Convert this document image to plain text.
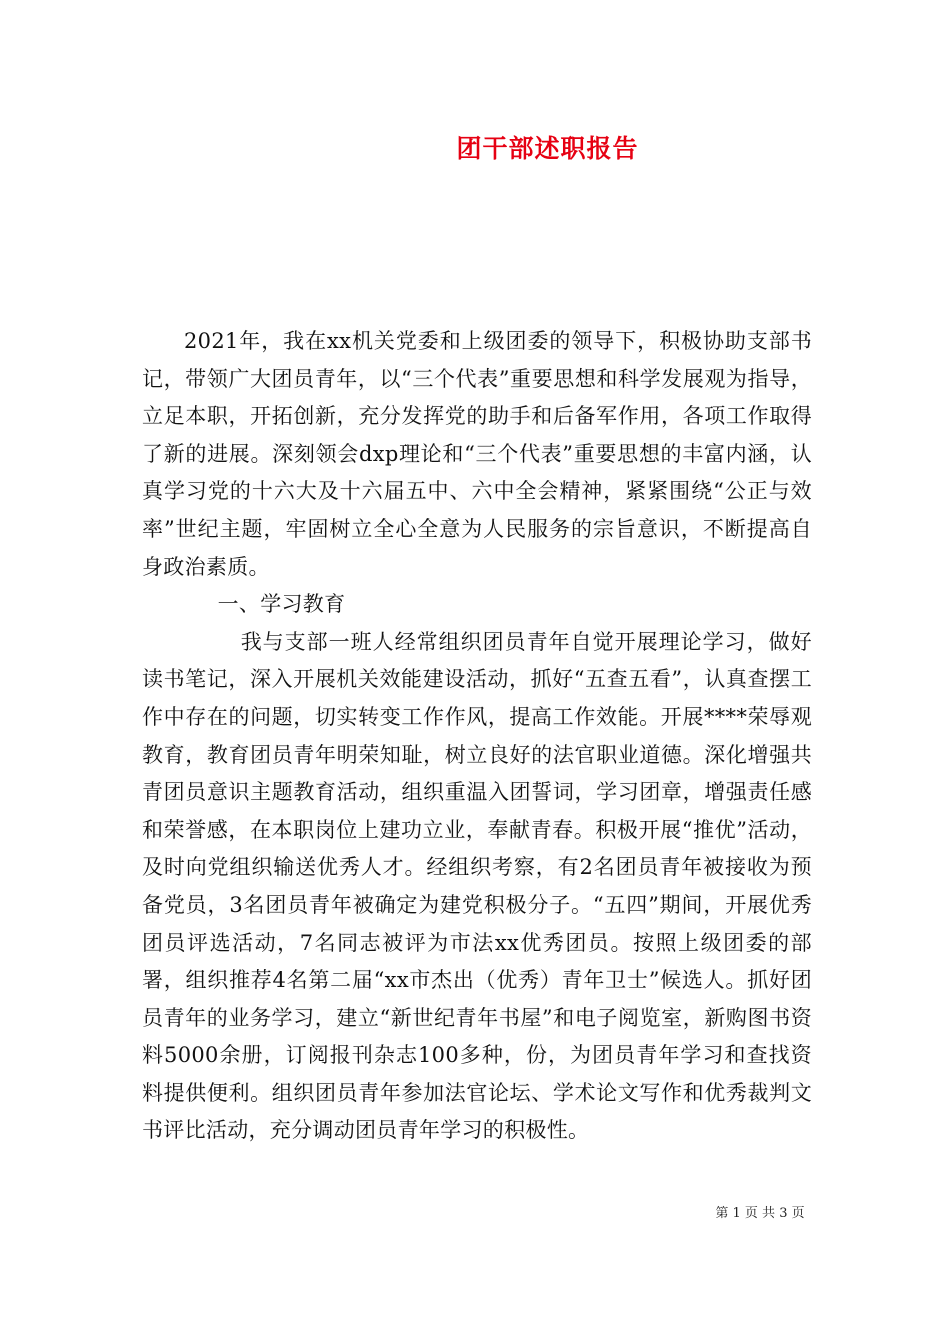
团干部述职报告

2021年，我在xx机关党委和上级团委的领导下，积极协助支部书记，带领广大团员青年，以“三个代表”重要思想和科学发展观为指导，立足本职，开拓创新，充分发挥党的助手和后备军作用，各项工作取得了新的进展。深刻领会dxp理论和“三个代表”重要思想的丰富内涵，认真学习党的十六大及十六届五中、六中全会精神，紧紧围绕“公正与效率”世纪主题，牢固树立全心全意为人民服务的宗旨意识，不断提高自身政治素质。

一、学习教育

我与支部一班人经常组织团员青年自觉开展理论学习，做好读书笔记，深入开展机关效能建设活动，抓好“五查五看”，认真查摆工作中存在的问题，切实转变工作作风，提高工作效能。开展****荣辱观教育，教育团员青年明荣知耻，树立良好的法官职业道德。深化增强共青团员意识主题教育活动，组织重温入团誓词，学习团章，增强责任感和荣誉感，在本职岗位上建功立业，奉献青春。积极开展“推优”活动，及时向党组织输送优秀人才。经组织考察，有2名团员青年被接收为预备党员，3名团员青年被确定为建党积极分子。“五四”期间，开展优秀团员评选活动，7名同志被评为市法xx优秀团员。按照上级团委的部署，组织推荐4名第二届“xx市杰出（优秀）青年卫士”候选人。抓好团员青年的业务学习，建立“新世纪青年书屋”和电子阅览室，新购图书资料5000余册，订阅报刊杂志100多种，份，为团员青年学习和查找资料提供便利。组织团员青年参加法官论坛、学术论文写作和优秀裁判文书评比活动，充分调动团员青年学习的积极性。

第 1 页 共 3 页
